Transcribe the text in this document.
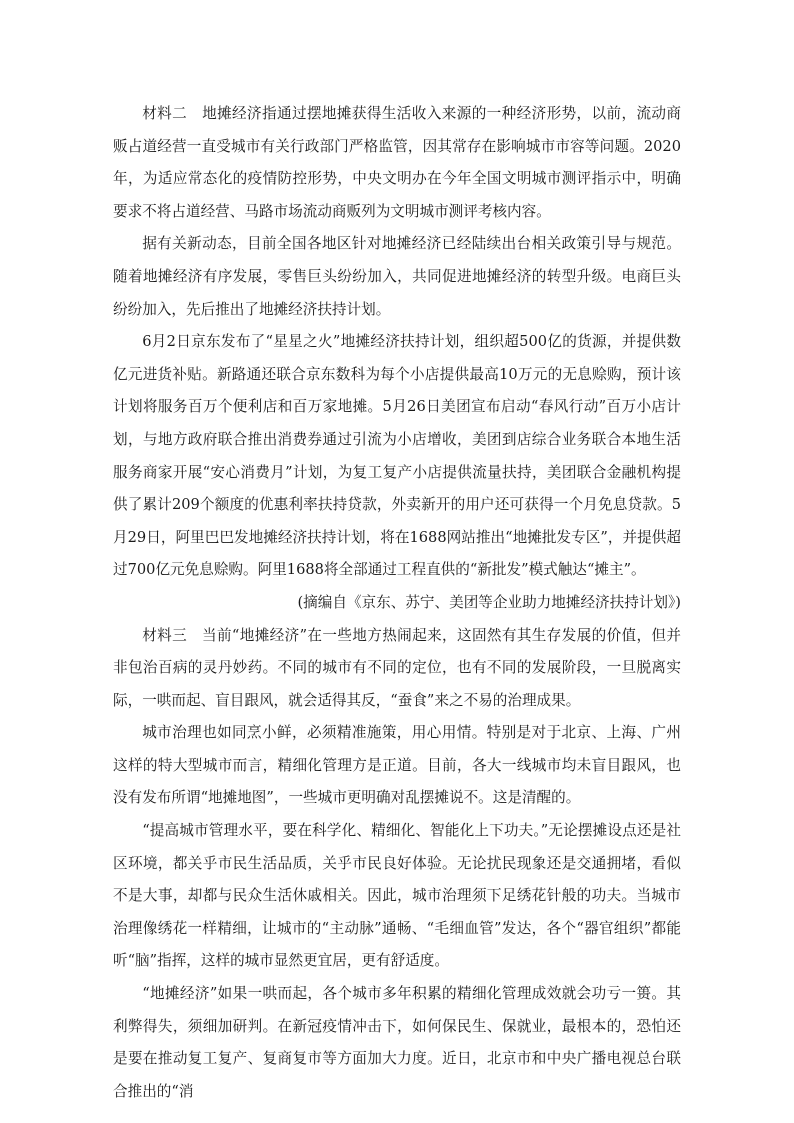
材料二　地摊经济指通过摆地摊获得生活收入来源的一种经济形势，以前，流动商贩占道经营一直受城市有关行政部门严格监管，因其常存在影响城市市容等问题。2020年，为适应常态化的疫情防控形势，中央文明办在今年全国文明城市测评指示中，明确要求不将占道经营、马路市场流动商贩列为文明城市测评考核内容。

据有关新动态，目前全国各地区针对地摊经济已经陆续出台相关政策引导与规范。随着地摊经济有序发展，零售巨头纷纷加入，共同促进地摊经济的转型升级。电商巨头纷纷加入，先后推出了地摊经济扶持计划。

6月2日京东发布了“星星之火”地摊经济扶持计划，组织超500亿的货源，并提供数亿元进货补贴。新路通还联合京东数科为每个小店提供最高10万元的无息赊购，预计该计划将服务百万个便利店和百万家地摊。5月26日美团宣布启动“春风行动”百万小店计划，与地方政府联合推出消费券通过引流为小店增收，美团到店综合业务联合本地生活服务商家开展“安心消费月”计划，为复工复产小店提供流量扶持，美团联合金融机构提供了累计209个额度的优惠利率扶持贷款，外卖新开的用户还可获得一个月免息贷款。5月29日，阿里巴巴发地摊经济扶持计划，将在1688网站推出“地摊批发专区”，并提供超过700亿元免息赊购。阿里1688将全部通过工程直供的“新批发”模式触达“摊主”。

(摘编自《京东、苏宁、美团等企业助力地摊经济扶持计划》)

材料三　当前“地摊经济”在一些地方热闹起来，这固然有其生存发展的价值，但并非包治百病的灵丹妙药。不同的城市有不同的定位，也有不同的发展阶段，一旦脱离实际，一哄而起、盲目跟风，就会适得其反，“蚕食”来之不易的治理成果。

城市治理也如同烹小鲜，必须精准施策，用心用情。特别是对于北京、上海、广州这样的特大型城市而言，精细化管理方是正道。目前，各大一线城市均未盲目跟风，也没有发布所谓“地摊地图”，一些城市更明确对乱摆摊说不。这是清醒的。

“提高城市管理水平，要在科学化、精细化、智能化上下功夫。”无论摆摊设点还是社区环境，都关乎市民生活品质，关乎市民良好体验。无论扰民现象还是交通拥堵，看似不是大事，却都与民众生活休戚相关。因此，城市治理须下足绣花针般的功夫。当城市治理像绣花一样精细，让城市的“主动脉”通畅、“毛细血管”发达，各个“器官组织”都能听“脑”指挥，这样的城市显然更宜居，更有舒适度。

“地摊经济”如果一哄而起，各个城市多年积累的精细化管理成效就会功亏一篑。其利弊得失，须细加研判。在新冠疫情冲击下，如何保民生、保就业，最根本的，恐怕还是要在推动复工复产、复商复市等方面加大力度。近日，北京市和中央广播电视总台联合推出的“消
